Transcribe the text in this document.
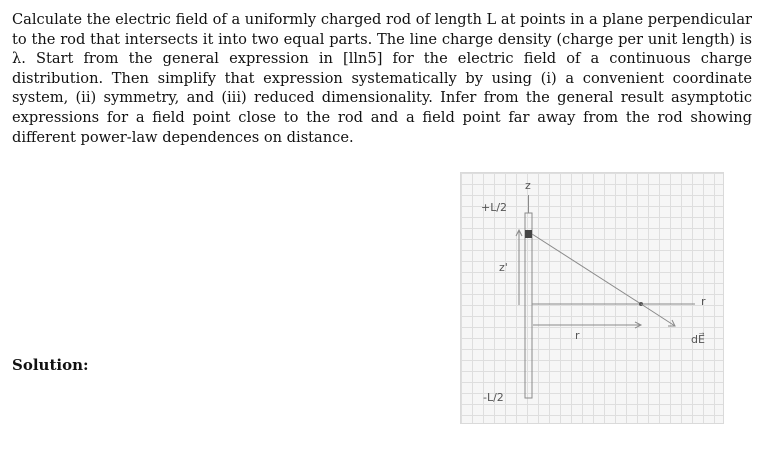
Calculate the electric field of a uniformly charged rod of length L at points in a plane perpendicular to the rod that intersects it into two equal parts. The line charge density (charge per unit length) is λ. Start from the general expression in [lln5] for the electric field of a continuous charge distribution. Then simplify that expression systematically by using (i) a convenient coordinate system, (ii) symmetry, and (iii) reduced dimensionality. Infer from the general result asymptotic expressions for a field point close to the rod and a field point far away from the rod showing different power-law dependences on distance.

Solution:
z
+L/2
z'
r
r	dE⃗
-L/2
